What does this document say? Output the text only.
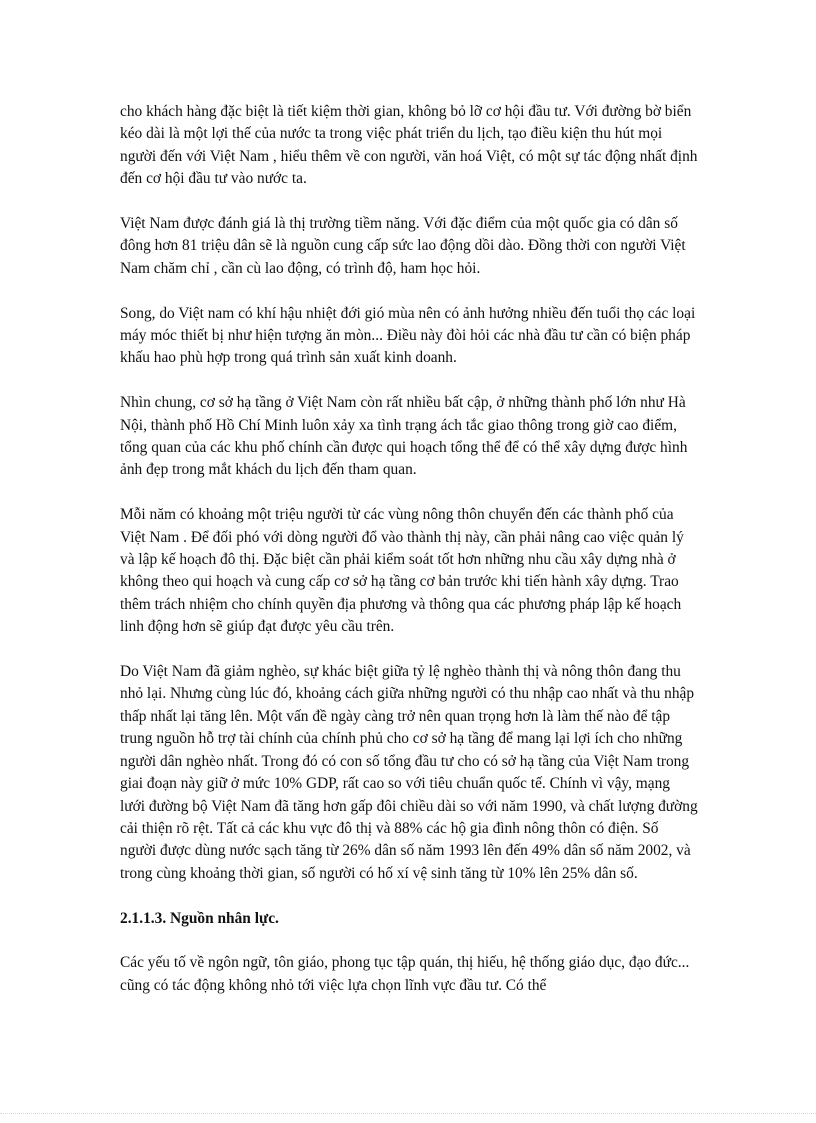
cho khách hàng đặc biệt là tiết kiệm thời gian, không bỏ lỡ cơ hội đầu tư. Với đường bờ biển kéo dài là một lợi thế của nước ta trong việc phát triển du lịch, tạo điều kiện thu hút mọi người đến với Việt Nam , hiểu thêm về con người, văn hoá Việt, có một sự tác động nhất định đến cơ hội đầu tư vào nước ta.

Việt Nam được đánh giá là thị trường tiềm năng. Với đặc điểm của một quốc gia có dân số đông hơn 81 triệu dân sẽ là nguồn cung cấp sức lao động dồi dào. Đồng thời con người Việt Nam chăm chỉ , cần cù lao động, có trình độ, ham học hỏi.

Song, do Việt nam có khí hậu nhiệt đới gió mùa nên có ảnh hưởng nhiều đến tuổi thọ các loại máy móc thiết bị như hiện tượng ăn mòn... Điều này đòi hỏi các nhà đầu tư cần có biện pháp khấu hao phù hợp trong quá trình sản xuất kinh doanh.

Nhìn chung, cơ sở hạ tầng ở Việt Nam còn rất nhiều bất cập, ở những thành phố lớn như Hà Nội, thành phố Hồ Chí Minh luôn xảy xa tình trạng ách tắc giao thông trong giờ cao điểm, tổng quan của các khu phố chính cần được qui hoạch tổng thể để có thể xây dựng được hình ảnh đẹp trong mắt khách du lịch đến tham quan.

Mỗi năm có khoảng một triệu người từ các vùng nông thôn chuyển đến các thành phố của Việt Nam . Để đối phó với dòng người đổ vào thành thị này, cần phải nâng cao việc quản lý và lập kế hoạch đô thị. Đặc biệt cần phải kiểm soát tốt hơn những nhu cầu xây dựng nhà ở không theo qui hoạch và cung cấp cơ sở hạ tầng cơ bản trước khi tiến hành xây dựng. Trao thêm trách nhiệm cho chính quyền địa phương và thông qua các phương pháp lập kế hoạch linh động hơn sẽ giúp đạt được yêu cầu trên.

Do Việt Nam đã giảm nghèo, sự khác biệt giữa tỷ lệ nghèo thành thị và nông thôn đang thu nhỏ lại. Nhưng cùng lúc đó, khoảng cách giữa những người có thu nhập cao nhất và thu nhập thấp nhất lại tăng lên. Một vấn đề ngày càng trở nên quan trọng hơn là làm thế nào để tập trung nguồn hỗ trợ tài chính của chính phủ cho cơ sở hạ tầng để mang lại lợi ích cho những người dân nghèo nhất. Trong đó có con số tổng đầu tư cho có sở hạ tầng của Việt Nam trong giai đoạn này giữ ở mức 10% GDP, rất cao so với tiêu chuẩn quốc tế. Chính vì vậy, mạng lưới đường bộ Việt Nam đã tăng hơn gấp đôi chiều dài so với năm 1990, và chất lượng đường cải thiện rõ rệt. Tất cả các khu vực đô thị và 88% các hộ gia đình nông thôn có điện. Số người được dùng nước sạch tăng từ 26% dân số năm 1993 lên đến 49% dân số năm 2002, và trong cùng khoảng thời gian, số người có hố xí vệ sinh tăng từ 10% lên 25% dân số.

2.1.1.3. Nguồn nhân lực.

Các yếu tố về ngôn ngữ, tôn giáo, phong tục tập quán, thị hiếu, hệ thống giáo dục, đạo đức... cũng có tác động không nhỏ tới việc lựa chọn lĩnh vực đầu tư. Có thể
